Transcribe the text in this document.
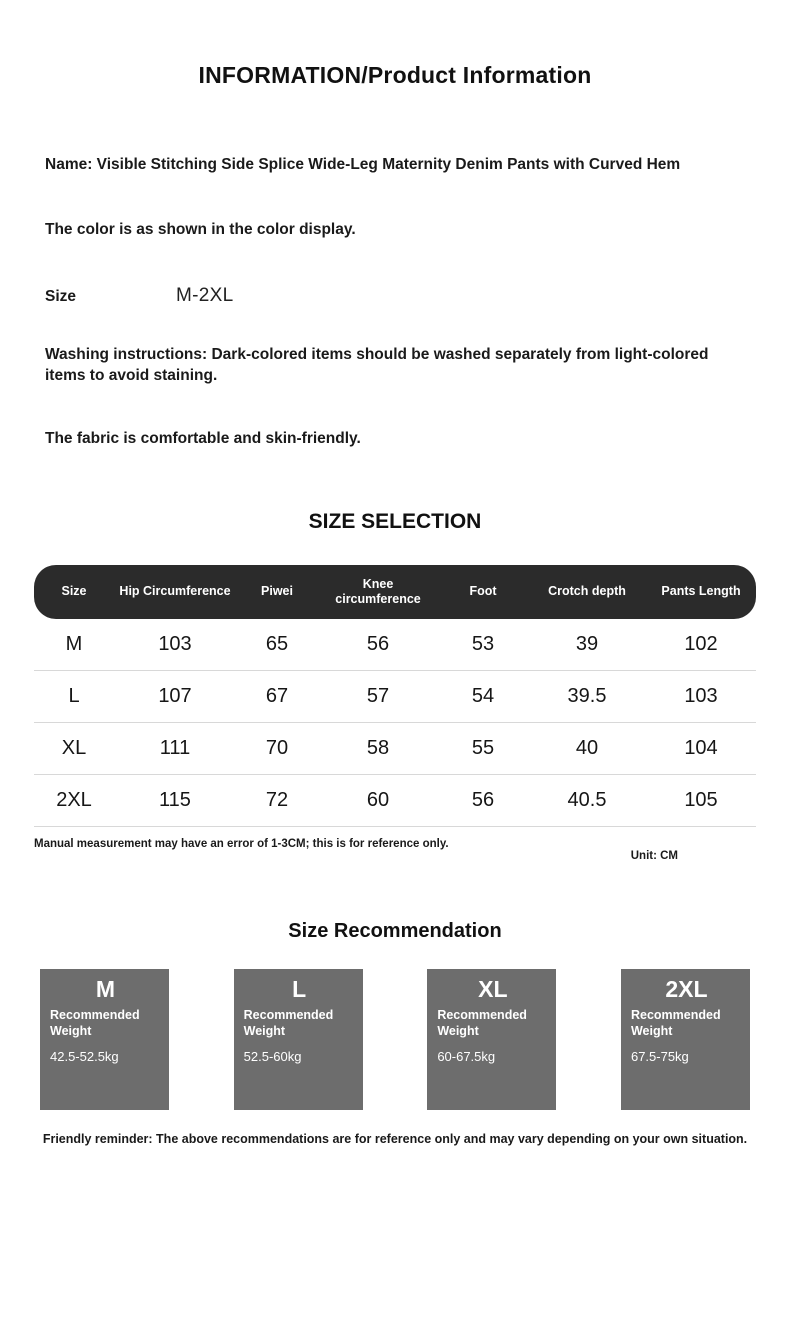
INFORMATION/Product Information
Name: Visible Stitching Side Splice Wide-Leg Maternity Denim Pants with Curved Hem
The color is as shown in the color display.
Size	M-2XL
Washing instructions: Dark-colored items should be washed separately from light-colored items to avoid staining.
The fabric is comfortable and skin-friendly.
SIZE SELECTION
Size	Hip Circumference	Piwei	Knee circumference	Foot	Crotch depth	Pants Length
M	103	65	56	53	39	102
L	107	67	57	54	39.5	103
XL	111	70	58	55	40	104
2XL	115	72	60	56	40.5	105
Manual measurement may have an error of 1-3CM; this is for reference only.
Unit: CM
Size Recommendation
M
Recommended Weight
42.5-52.5kg
L
Recommended Weight
52.5-60kg
XL
Recommended Weight
60-67.5kg
2XL
Recommended Weight
67.5-75kg
Friendly reminder: The above recommendations are for reference only and may vary depending on your own situation.
